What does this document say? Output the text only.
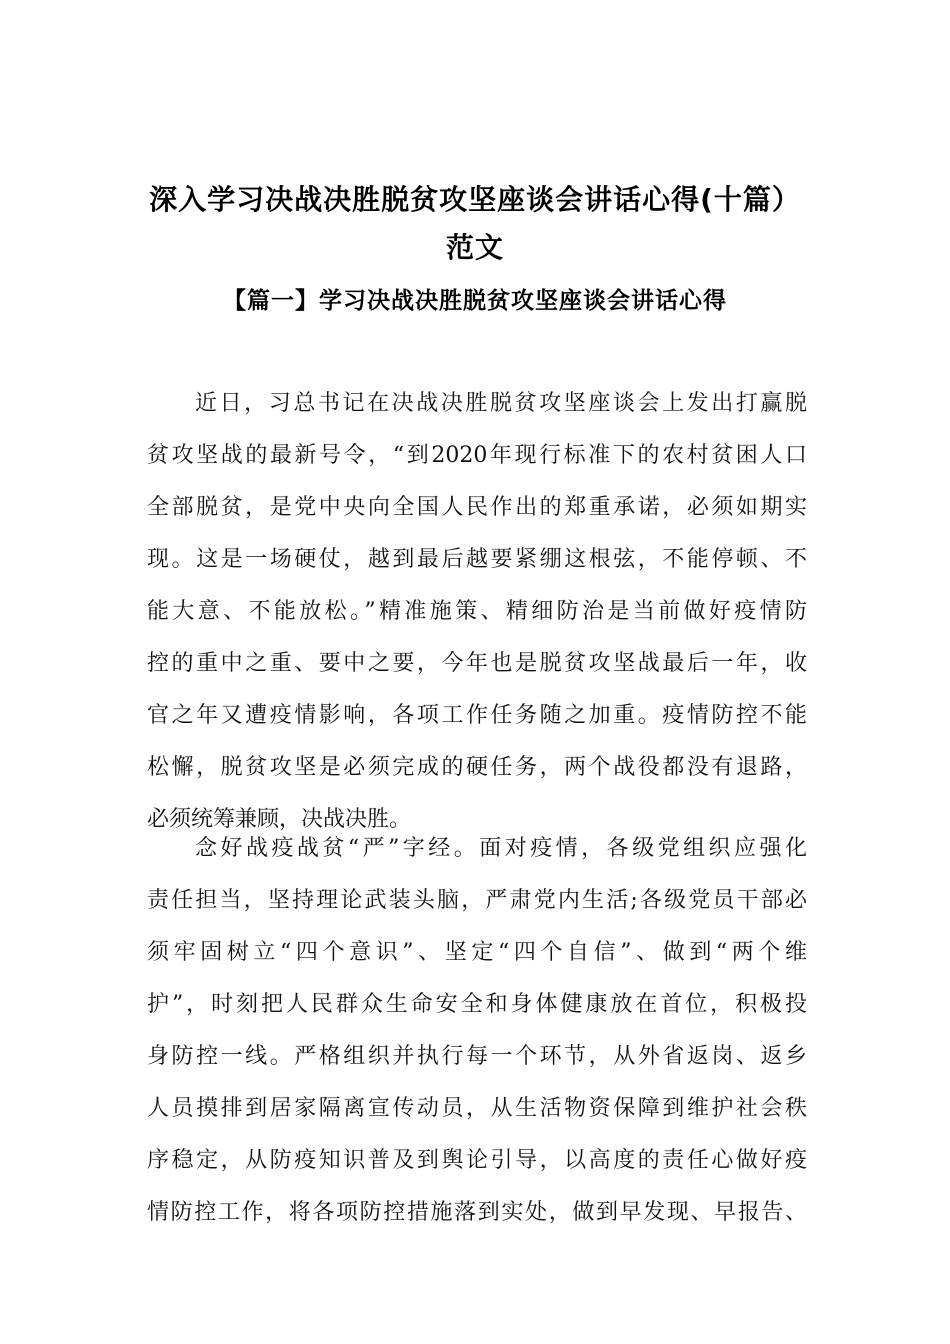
深入学习决战决胜脱贫攻坚座谈会讲话心得(十篇）
范文
【篇一】学习决战决胜脱贫攻坚座谈会讲话心得
近日，习总书记在决战决胜脱贫攻坚座谈会上发出打赢脱
贫攻坚战的最新号令，“到2020年现行标准下的农村贫困人口
全部脱贫，是党中央向全国人民作出的郑重承诺，必须如期实
现。这是一场硬仗，越到最后越要紧绷这根弦，不能停顿、不
能大意、不能放松。”精准施策、精细防治是当前做好疫情防
控的重中之重、要中之要，今年也是脱贫攻坚战最后一年，收
官之年又遭疫情影响，各项工作任务随之加重。疫情防控不能
松懈，脱贫攻坚是必须完成的硬任务，两个战役都没有退路，
必须统筹兼顾，决战决胜。
念好战疫战贫“严”字经。面对疫情，各级党组织应强化
责任担当，坚持理论武装头脑，严肃党内生活;各级党员干部必
须牢固树立“四个意识”、坚定“四个自信”、做到“两个维
护”，时刻把人民群众生命安全和身体健康放在首位，积极投
身防控一线。严格组织并执行每一个环节，从外省返岗、返乡
人员摸排到居家隔离宣传动员，从生活物资保障到维护社会秩
序稳定，从防疫知识普及到舆论引导，以高度的责任心做好疫
情防控工作，将各项防控措施落到实处，做到早发现、早报告、
